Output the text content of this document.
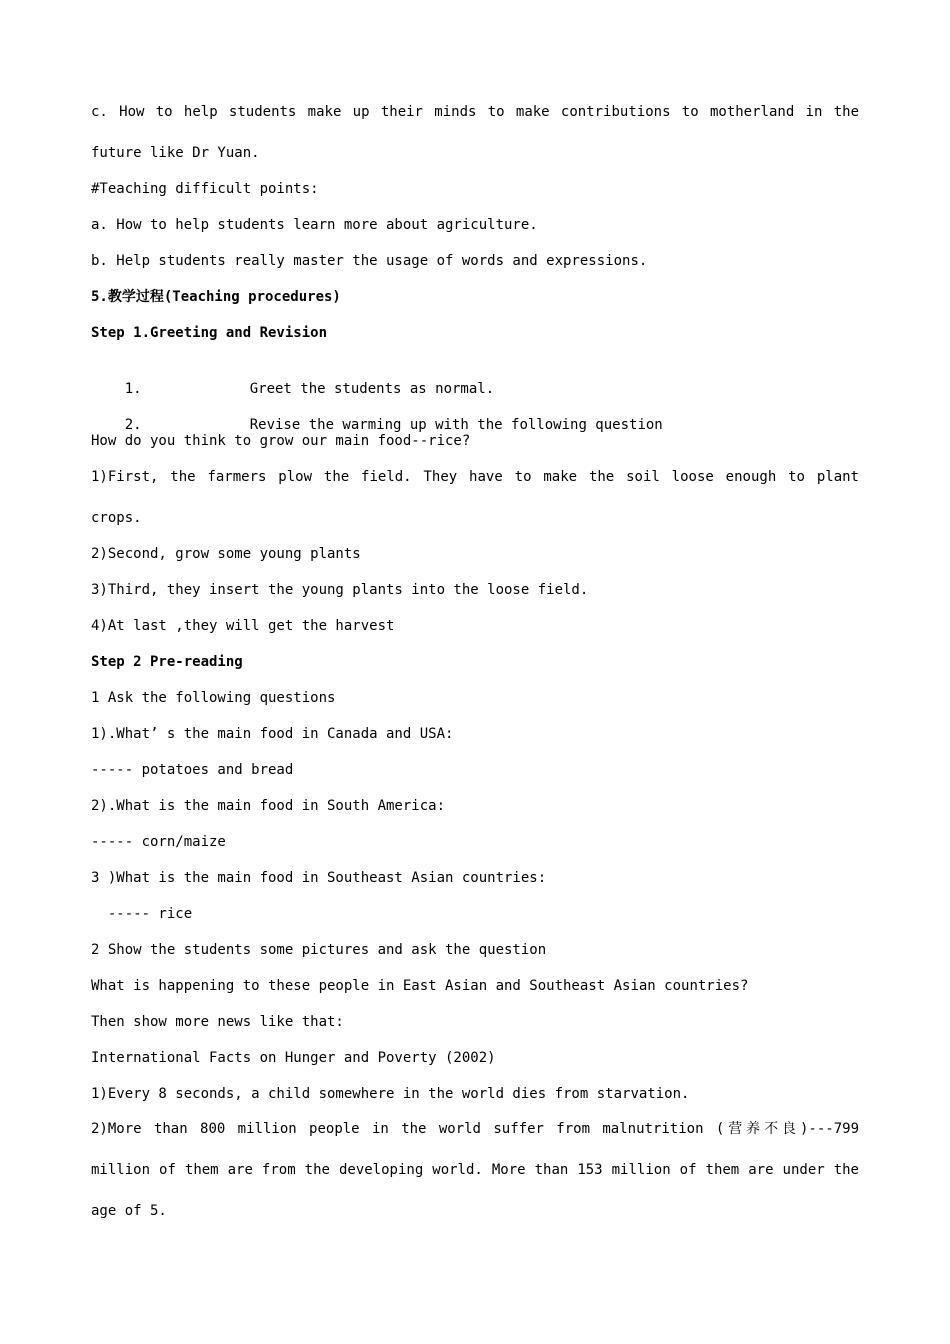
c. How to help students make up their minds to make contributions to motherland in the
future like Dr Yuan.
#Teaching difficult points:
a. How to help students learn more about agriculture.
b. Help students really master the usage of words and expressions.
5.教学过程(Teaching procedures)
Step 1.Greeting and Revision

1.	Greet the students as normal.

2.	Revise the warming up with the following question

How do you think to grow our main food--rice?
1)First, the farmers plow the field. They have to make the soil loose enough to plant
crops.
2)Second, grow some young plants
3)Third, they insert the young plants into the loose field.
4)At last ,they will get the harvest
Step 2 Pre-reading
1 Ask the following questions
1).What’ s the main food in Canada and USA:
----- potatoes and bread
2).What is the main food in South America:
----- corn/maize
3 )What is the main food in Southeast Asian countries:
----- rice
2 Show the students some pictures and ask the question
What is happening to these people in East Asian and Southeast Asian countries?
Then show more news like that:
International Facts on Hunger and Poverty (2002)
1)Every 8 seconds, a child somewhere in the world dies from starvation.
2)More than 800 million people in the world suffer from malnutrition (营养不良)---799
million of them are from the developing world. More than 153 million of them are under the
age of 5.
